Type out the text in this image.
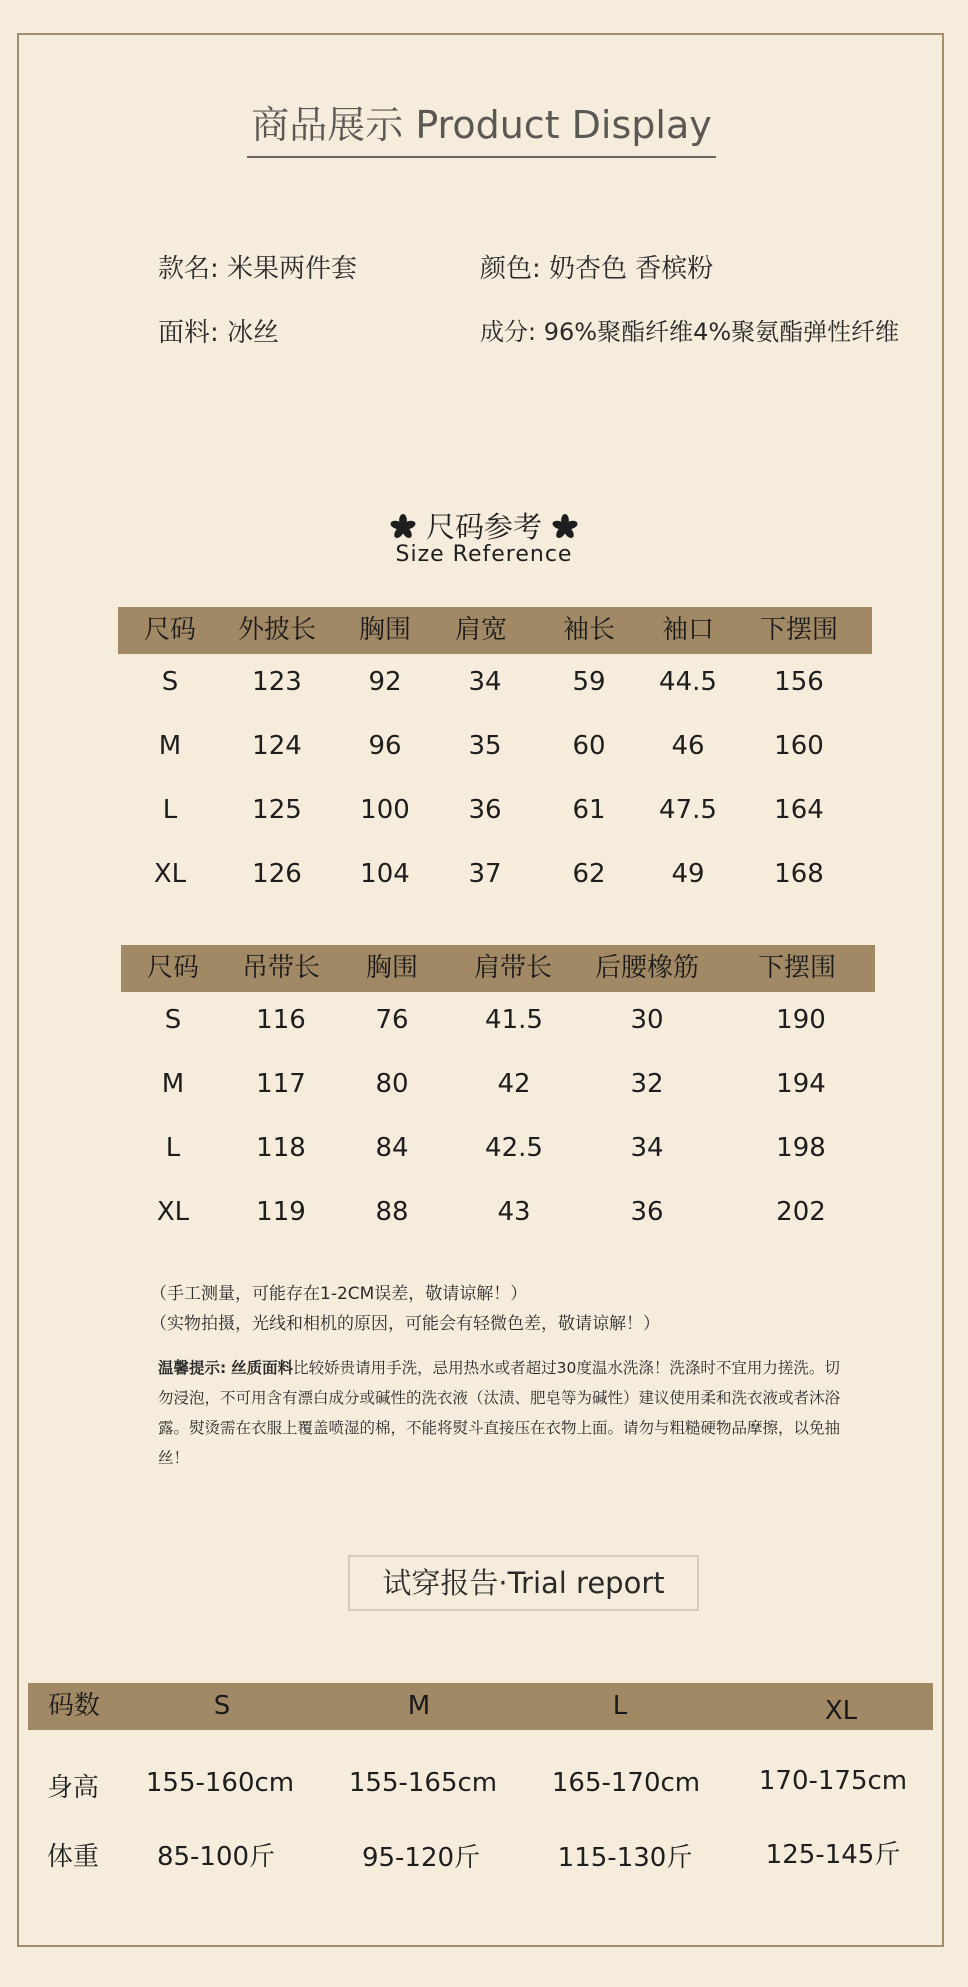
商品展示 Product Display
款名: 米果两件套	颜色: 奶杏色 香槟粉
面料: 冰丝	成分: 96%聚酯纤维4%聚氨酯弹性纤维
尺码参考
Size Reference
尺码 外披长 胸围 肩宽 袖长 袖口 下摆围
S	123	92	34	59 44.5 156
M	124	96	35	60	46	160
L	125 100 36	61 47.5 164
XL	126 104 37	62	49	168
尺码 吊带长 胸围 肩带长 后腰橡筋 下摆围
S	116	76	41.5	30	190
M	117	80	42	32	194
L	118	84	42.5	34	198
XL	119	88	43	36	202
（手工测量，可能存在1-2CM误差，敬请谅解！）
（实物拍摄，光线和相机的原因，可能会有轻微色差，敬请谅解！）
温馨提示: 丝质面料比较娇贵请用手洗，忌用热水或者超过30度温水洗涤！洗涤时不宜用力搓洗。切勿浸泡，不可用含有漂白成分或碱性的洗衣液（汰渍、肥皂等为碱性）建议使用柔和洗衣液或者沐浴露。熨烫需在衣服上覆盖喷湿的棉，不能将熨斗直接压在衣物上面。请勿与粗糙硬物品摩擦，以免抽丝！
试穿报告·Trial report
码数	S	M	L	XL
身高 155-160cm 155-165cm 165-170cm 170-175cm
体重 85-100斤	95-120斤	115-130斤	125-145斤
